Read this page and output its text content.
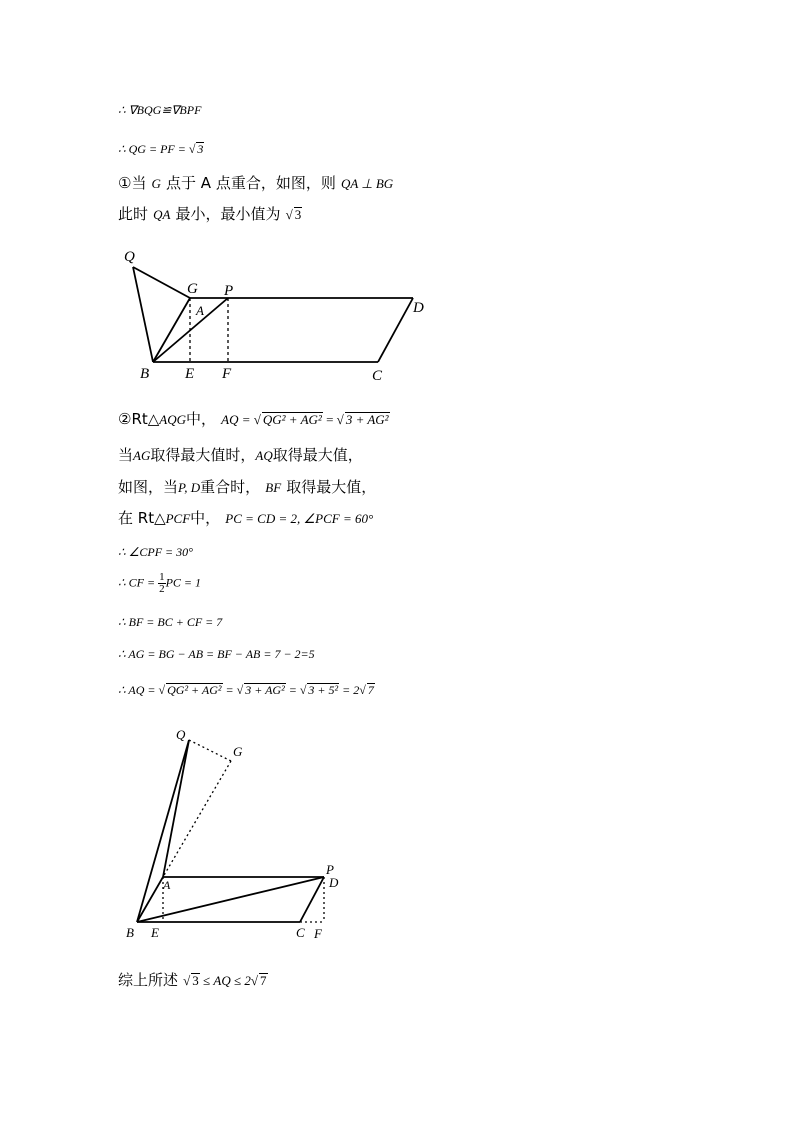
∴ ∇BQG≌∇BPF
∴ QG = PF = √ 3
①当 G 点于 A 点重合，如图，则 QA ⊥ BG
此时 QA 最小，最小值为 √ 3
Q
G P
A	D
B E F	C
②Rt△AQG中， AQ = √ QG² + AG² = √ 3 + AG²
当AG取得最大值时，AQ取得最大值，
如图，当P, D重合时， BF 取得最大值，
在 Rt△PCF中， PC = CD = 2, ∠PCF = 60°
∴ ∠CPF = 30°
∴ CF = $\frac{1}{2}$ PC = 1
∴ BF = BC + CF = 7
∴ AG = BG − AB = BF − AB = 7 − 2=5
∴ AQ = √ QG² + AG² = √ 3 + AG² = √ 3 + 5² = 2√ 7
Q
G
P
D
A
B E	C F
综上所述 √ 3 ≤ AQ ≤ 2√ 7
